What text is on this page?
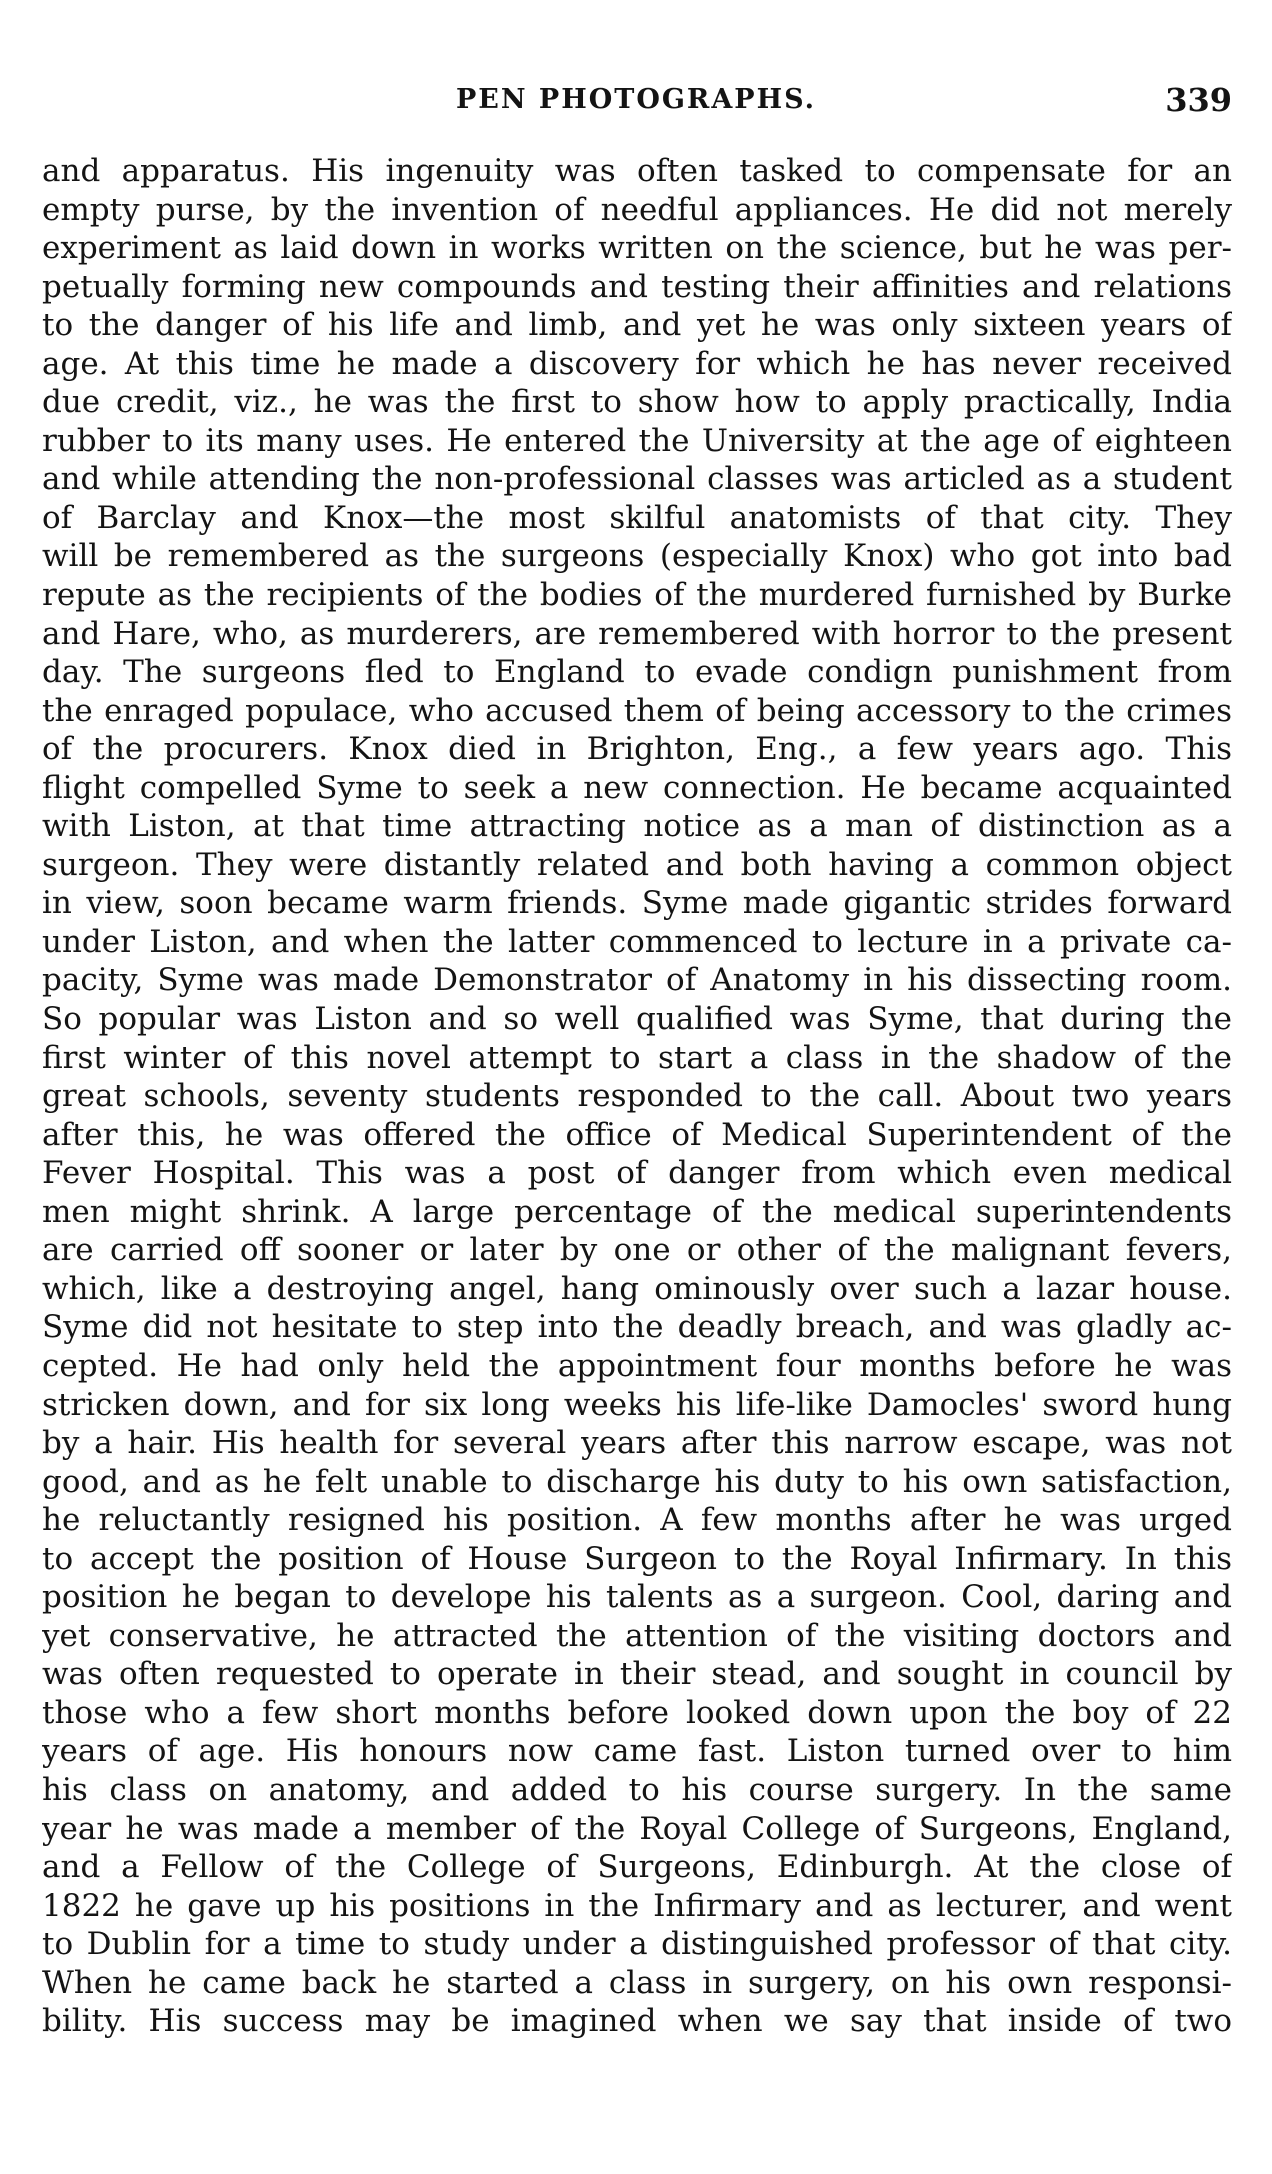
PEN PHOTOGRAPHS.	339
and apparatus. His ingenuity was often tasked to compensate for an
empty purse, by the invention of needful appliances. He did not merely
experiment as laid down in works written on the science, but he was per-
petually forming new compounds and testing their affinities and relations
to the danger of his life and limb, and yet he was only sixteen years of
age. At this time he made a discovery for which he has never received
due credit, viz., he was the first to show how to apply practically, India
rubber to its many uses. He entered the University at the age of eighteen
and while attending the non-professional classes was articled as a student
of Barclay and Knox—the most skilful anatomists of that city. They
will be remembered as the surgeons (especially Knox) who got into bad
repute as the recipients of the bodies of the murdered furnished by Burke
and Hare, who, as murderers, are remembered with horror to the present
day. The surgeons fled to England to evade condign punishment from
the enraged populace, who accused them of being accessory to the crimes
of the procurers. Knox died in Brighton, Eng., a few years ago. This
flight compelled Syme to seek a new connection. He became acquainted
with Liston, at that time attracting notice as a man of distinction as a
surgeon. They were distantly related and both having a common object
in view, soon became warm friends. Syme made gigantic strides forward
under Liston, and when the latter commenced to lecture in a private ca-
pacity, Syme was made Demonstrator of Anatomy in his dissecting room.
So popular was Liston and so well qualified was Syme, that during the
first winter of this novel attempt to start a class in the shadow of the
great schools, seventy students responded to the call. About two years
after this, he was offered the office of Medical Superintendent of the
Fever Hospital. This was a post of danger from which even medical
men might shrink. A large percentage of the medical superintendents
are carried off sooner or later by one or other of the malignant fevers,
which, like a destroying angel, hang ominously over such a lazar house.
Syme did not hesitate to step into the deadly breach, and was gladly ac-
cepted. He had only held the appointment four months before he was
stricken down, and for six long weeks his life-like Damocles' sword hung
by a hair. His health for several years after this narrow escape, was not
good, and as he felt unable to discharge his duty to his own satisfaction,
he reluctantly resigned his position. A few months after he was urged
to accept the position of House Surgeon to the Royal Infirmary. In this
position he began to develope his talents as a surgeon. Cool, daring and
yet conservative, he attracted the attention of the visiting doctors and
was often requested to operate in their stead, and sought in council by
those who a few short months before looked down upon the boy of 22
years of age. His honours now came fast. Liston turned over to him
his class on anatomy, and added to his course surgery. In the same
year he was made a member of the Royal College of Surgeons, England,
and a Fellow of the College of Surgeons, Edinburgh. At the close of
1822 he gave up his positions in the Infirmary and as lecturer, and went
to Dublin for a time to study under a distinguished professor of that city.
When he came back he started a class in surgery, on his own responsi-
bility. His success may be imagined when we say that inside of two
